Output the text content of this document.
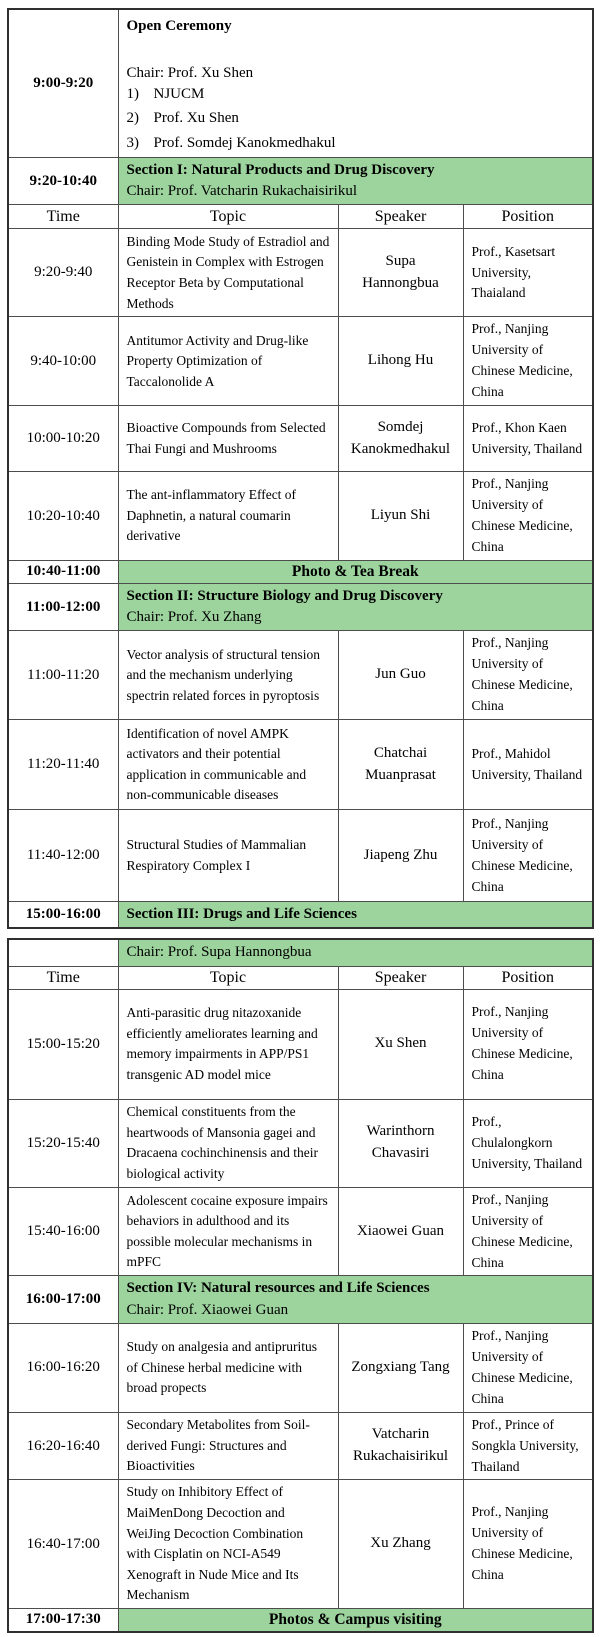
9:00-9:20	Open Ceremony
Chair: Prof. Xu Shen
1) NJUCM
2) Prof. Xu Shen
3) Prof. Somdej Kanokmedhakul		

9:20-10:40	Section I: Natural Products and Drug Discovery
Chair: Prof. Vatcharin Rukachaisirikul		

Time	Topic	Speaker	Position
9:20-9:40	Binding Mode Study of Estradiol and Genistein in Complex with Estrogen Receptor Beta by Computational Methods	Supa Hannongbua	Prof., Kasetsart University, Thaialand
9:40-10:00	Antitumor Activity and Drug-like Property Optimization of Taccalonolide A	Lihong Hu	Prof., Nanjing University of Chinese Medicine, China
10:00-10:20	Bioactive Compounds from Selected Thai Fungi and Mushrooms	Somdej Kanokmedhakul	Prof., Khon Kaen University, Thailand
10:20-10:40	The ant-inflammatory Effect of Daphnetin, a natural coumarin derivative	Liyun Shi	Prof., Nanjing University of Chinese Medicine, China
10:40-11:00	Photo & Tea Break		
11:00-12:00	Section II: Structure Biology and Drug Discovery
Chair: Prof. Xu Zhang		

11:00-11:20	Vector analysis of structural tension and the mechanism underlying spectrin related forces in pyroptosis	Jun Guo	Prof., Nanjing University of Chinese Medicine, China
11:20-11:40	Identification of novel AMPK activators and their potential application in communicable and non-communicable diseases	Chatchai Muanprasat	Prof., Mahidol University, Thailand
11:40-12:00	Structural Studies of Mammalian Respiratory Complex I	Jiapeng Zhu	Prof., Nanjing University of Chinese Medicine, China
15:00-16:00	Section III: Drugs and Life Sciences		
	Chair: Prof. Supa Hannongbua		
Time	Topic	Speaker	Position
15:00-15:20	Anti-parasitic drug nitazoxanide efficiently ameliorates learning and memory impairments in APP/PS1 transgenic AD model mice	Xu Shen	Prof., Nanjing University of Chinese Medicine, China
15:20-15:40	Chemical constituents from the heartwoods of Mansonia gagei and Dracaena cochinchinensis and their biological activity	Warinthorn Chavasiri	Prof., Chulalongkorn University, Thailand
15:40-16:00	Adolescent cocaine exposure impairs behaviors in adulthood and its possible molecular mechanisms in mPFC	Xiaowei Guan	Prof., Nanjing University of Chinese Medicine, China
16:00-17:00	Section IV: Natural resources and Life Sciences
Chair: Prof. Xiaowei Guan		

16:00-16:20	Study on analgesia and antipruritus of Chinese herbal medicine with broad propects	Zongxiang Tang	Prof., Nanjing University of Chinese Medicine, China
16:20-16:40	Secondary Metabolites from Soil-derived Fungi: Structures and Bioactivities	Vatcharin Rukachaisirikul	Prof., Prince of Songkla University, Thailand
16:40-17:00	Study on Inhibitory Effect of MaiMenDong Decoction and WeiJing Decoction Combination with Cisplatin on NCI-A549 Xenograft in Nude Mice and Its Mechanism	Xu Zhang	Prof., Nanjing University of Chinese Medicine, China
17:00-17:30	Photos & Campus visiting		
